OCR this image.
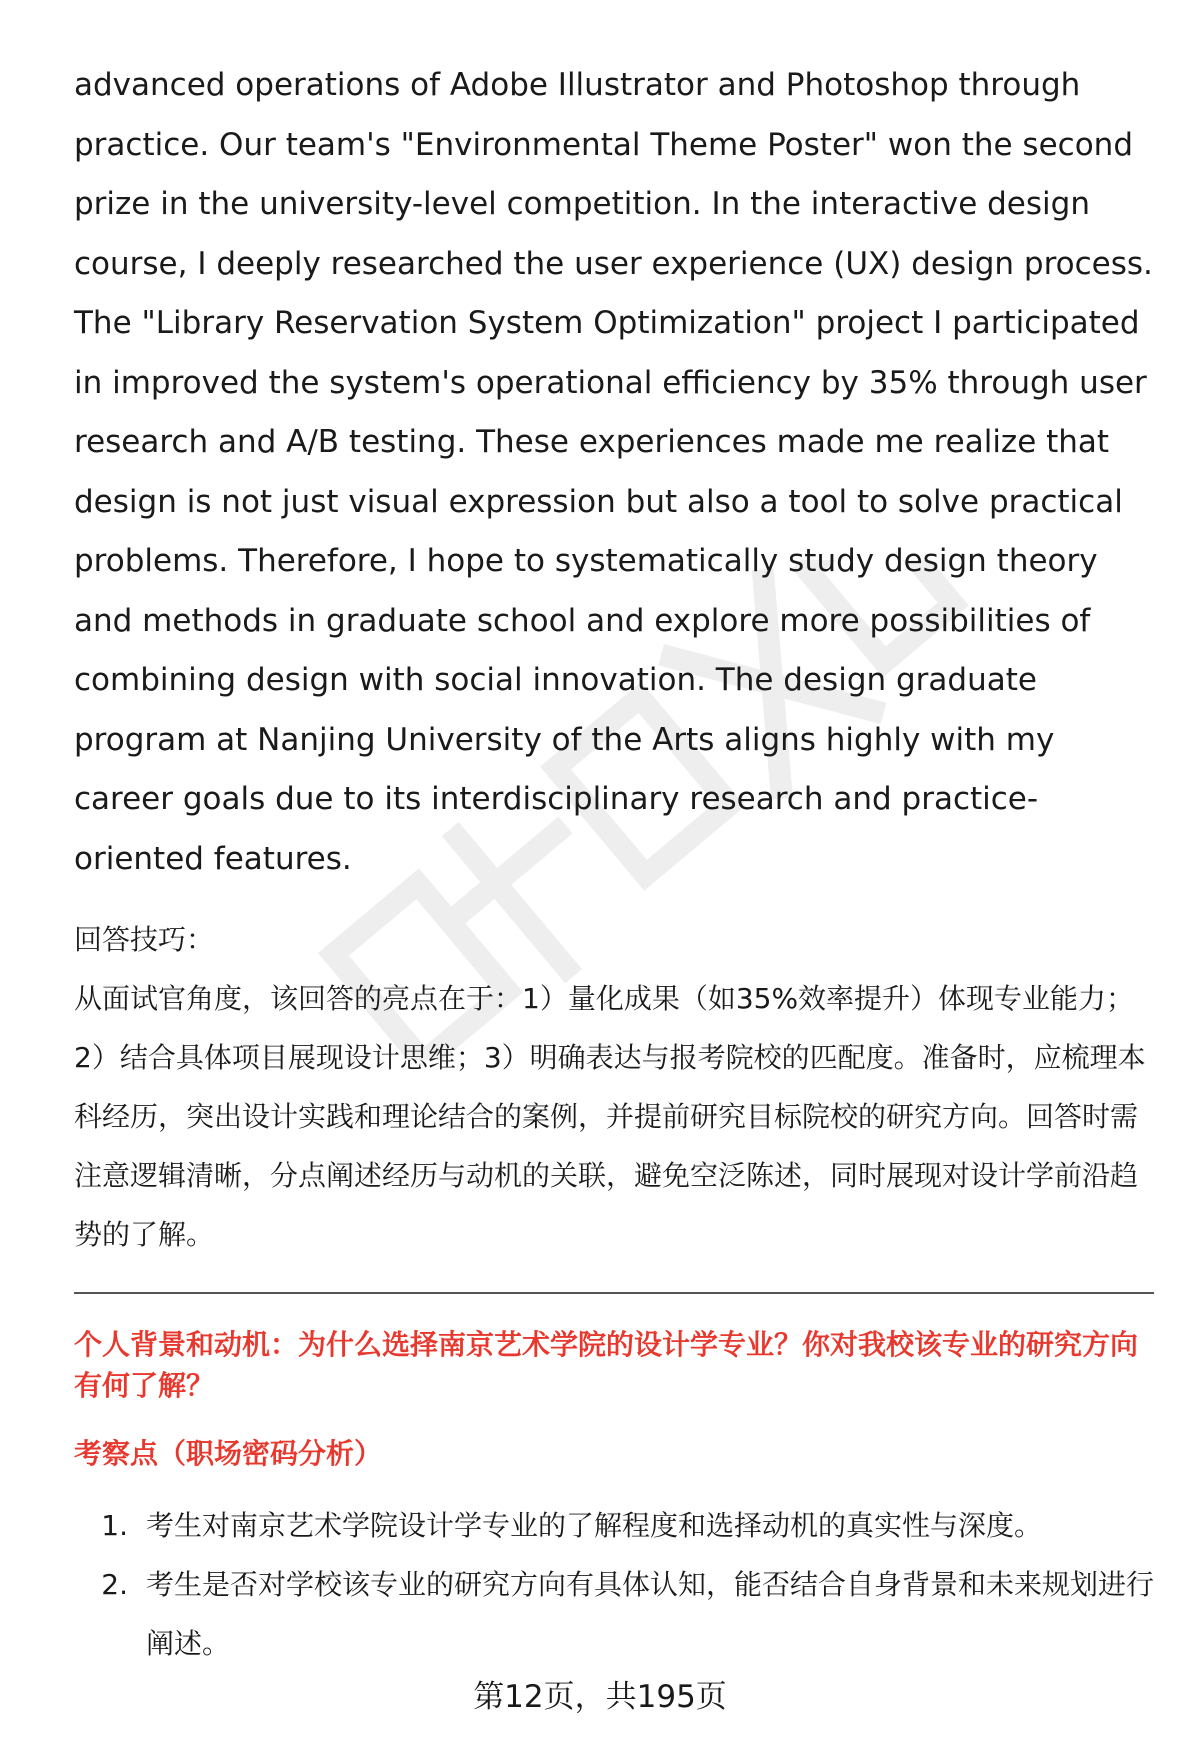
advanced operations of Adobe Illustrator and Photoshop through practice. Our team's "Environmental Theme Poster" won the second prize in the university-level competition. In the interactive design course, I deeply researched the user experience (UX) design process. The "Library Reservation System Optimization" project I participated in improved the system's operational efficiency by 35% through user research and A/B testing. These experiences made me realize that design is not just visual expression but also a tool to solve practical problems. Therefore, I hope to systematically study design theory and methods in graduate school and explore more possibilities of combining design with social innovation. The design graduate program at Nanjing University of the Arts aligns highly with my career goals due to its interdisciplinary research and practice-oriented features.

回答技巧：

从面试官角度，该回答的亮点在于：1）量化成果（如35%效率提升）体现专业能力；2）结合具体项目展现设计思维；3）明确表达与报考院校的匹配度。准备时，应梳理本科经历，突出设计实践和理论结合的案例，并提前研究目标院校的研究方向。回答时需注意逻辑清晰，分点阐述经历与动机的关联，避免空泛陈述，同时展现对设计学前沿趋势的了解。

个人背景和动机：为什么选择南京艺术学院的设计学专业？你对我校该专业的研究方向有何了解？

考察点（职场密码分析）

1. 考生对南京艺术学院设计学专业的了解程度和选择动机的真实性与深度。
2. 考生是否对学校该专业的研究方向有具体认知，能否结合自身背景和未来规划进行阐述。
第12页，共195页
